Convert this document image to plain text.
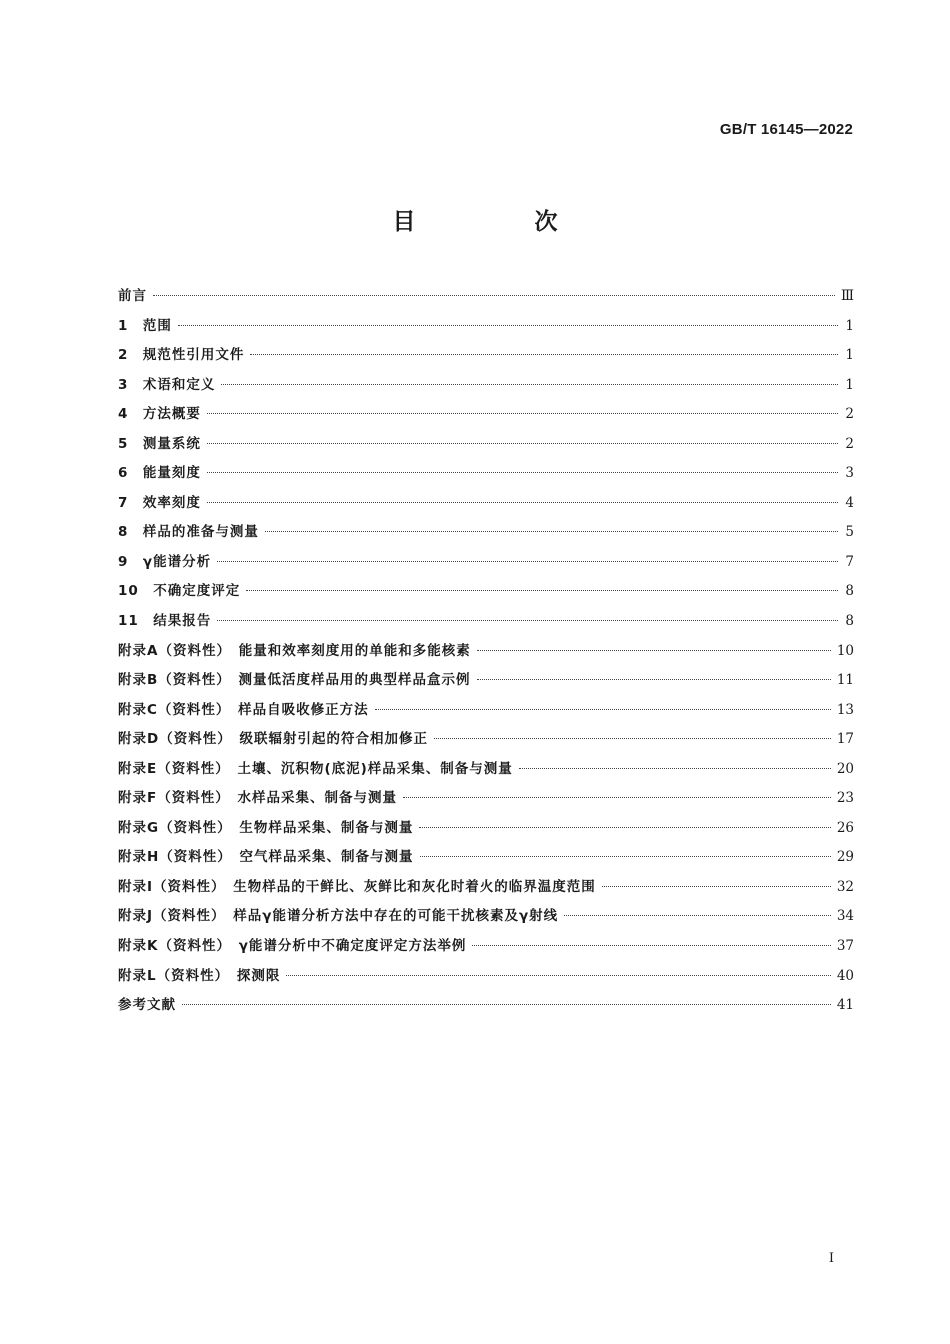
GB/T 16145—2022
目　次
前言	Ⅲ
1　范围	1
2　规范性引用文件	1
3　术语和定义	1
4　方法概要	2
5　测量系统	2
6　能量刻度	3
7　效率刻度	4
8　样品的准备与测量	5
9　γ能谱分析	7
10　不确定度评定	8
11　结果报告	8
附录A（资料性）　能量和效率刻度用的单能和多能核素	10
附录B（资料性）　测量低活度样品用的典型样品盒示例	11
附录C（资料性）　样品自吸收修正方法	13
附录D（资料性）　级联辐射引起的符合相加修正	17
附录E（资料性）　土壤、沉积物(底泥)样品采集、制备与测量	20
附录F（资料性）　水样品采集、制备与测量	23
附录G（资料性）　生物样品采集、制备与测量	26
附录H（资料性）　空气样品采集、制备与测量	29
附录I（资料性）　生物样品的干鲜比、灰鲜比和灰化时着火的临界温度范围	32
附录J（资料性）　样品γ能谱分析方法中存在的可能干扰核素及γ射线	34
附录K（资料性）　γ能谱分析中不确定度评定方法举例	37
附录L（资料性）　探测限	40
参考文献	41
I
